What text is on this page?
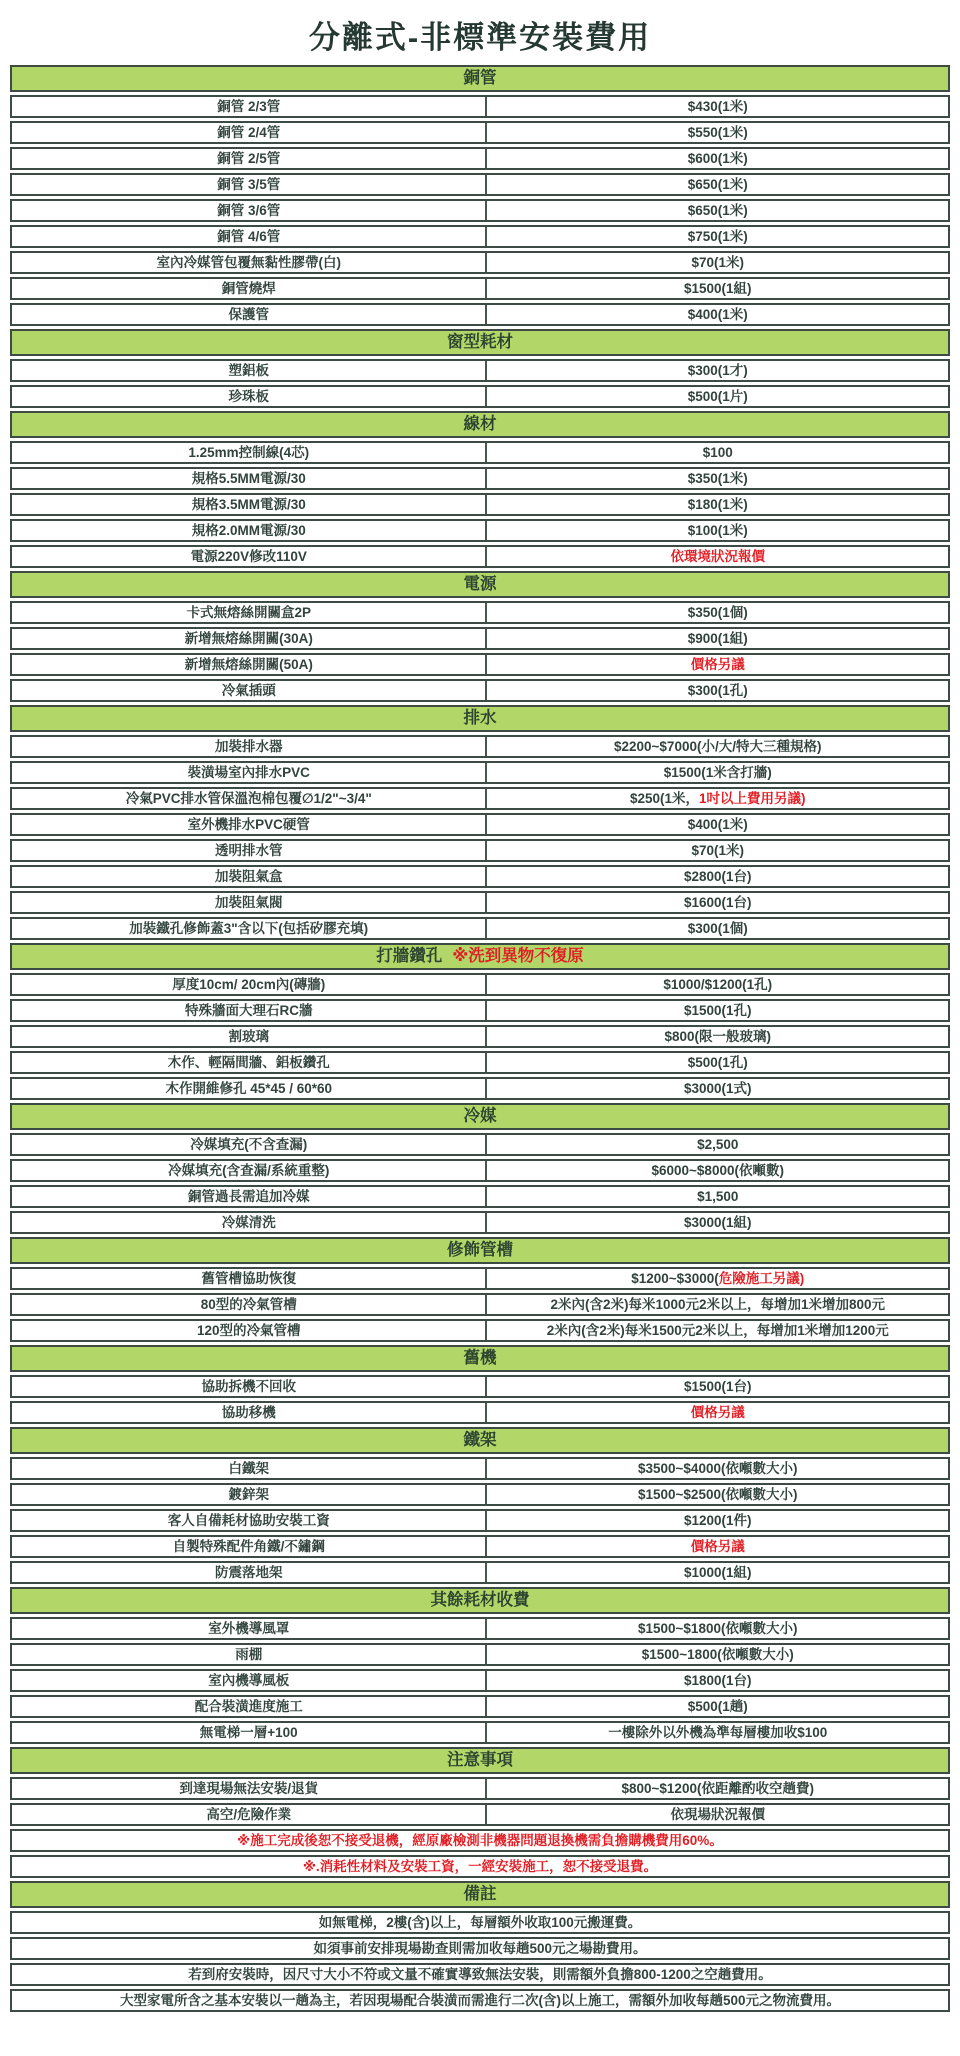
分離式-非標準安裝費用
銅管
銅管 2/3管	$430(1米)
銅管 2/4管	$550(1米)
銅管 2/5管	$600(1米)
銅管 3/5管	$650(1米)
銅管 3/6管	$650(1米)
銅管 4/6管	$750(1米)
室內冷媒管包覆無黏性膠帶(白)	$70(1米)
銅管燒焊	$1500(1組)
保護管	$400(1米)
窗型耗材
塑鋁板	$300(1才)
珍珠板	$500(1片)
線材
1.25mm控制線(4芯)	$100
規格5.5MM電源/30	$350(1米)
規格3.5MM電源/30	$180(1米)
規格2.0MM電源/30	$100(1米)
電源220V修改110V	依環境狀況報價
電源
卡式無熔絲開關盒2P	$350(1個)
新增無熔絲開關(30A)	$900(1組)
新增無熔絲開關(50A)	價格另議
冷氣插頭	$300(1孔)
排水
加裝排水器	$2200~$7000(小/大/特大三種規格)
裝潢場室內排水PVC	$1500(1米含打牆)
冷氣PVC排水管保溫泡棉包覆∅1/2"~3/4"	$250(1米，1吋以上費用另議)
室外機排水PVC硬管	$400(1米)
透明排水管	$70(1米)
加裝阻氣盒	$2800(1台)
加裝阻氣閥	$1600(1台)
加裝鐵孔修飾蓋3"含以下(包括矽膠充填)	$300(1個)
打牆鑽孔 ※洗到異物不復原
厚度10cm/ 20cm內(磚牆)	$1000/$1200(1孔)
特殊牆面大理石RC牆	$1500(1孔)
割玻璃	$800(限一般玻璃)
木作、輕隔間牆、鋁板鑽孔	$500(1孔)
木作開維修孔 45*45 / 60*60	$3000(1式)
冷媒
冷媒填充(不含查漏)	$2,500
冷媒填充(含查漏/系統重整)	$6000~$8000(依噸數)
銅管過長需追加冷媒	$1,500
冷媒清洗	$3000(1組)
修飾管槽
舊管槽協助恢復	$1200~$3000(危險施工另議)
80型的冷氣管槽	2米內(含2米)每米1000元2米以上，每增加1米增加800元
120型的冷氣管槽	2米內(含2米)每米1500元2米以上，每增加1米增加1200元
舊機
協助拆機不回收	$1500(1台)
協助移機	價格另議
鐵架
白鐵架	$3500~$4000(依噸數大小)
鍍鋅架	$1500~$2500(依噸數大小)
客人自備耗材協助安裝工資	$1200(1件)
自製特殊配件角鐵/不鏽鋼	價格另議
防震落地架	$1000(1組)
其餘耗材收費
室外機導風罩	$1500~$1800(依噸數大小)
雨棚	$1500~1800(依噸數大小)
室內機導風板	$1800(1台)
配合裝潢進度施工	$500(1趟)
無電梯一層+100	一樓除外以外機為準每層樓加收$100
注意事項
到達現場無法安裝/退貨	$800~$1200(依距離酌收空趟費)
高空/危險作業	依現場狀況報價
※施工完成後恕不接受退機，經原廠檢測非機器問題退換機需負擔購機費用60%。
※.消耗性材料及安裝工資，一經安裝施工，恕不接受退費。
備註
如無電梯，2樓(含)以上，每層額外收取100元搬運費。
如須事前安排現場勘查則需加收每趟500元之場勘費用。
若到府安裝時，因尺寸大小不符或文量不確實導致無法安裝，則需額外負擔800-1200之空趟費用。
大型家電所含之基本安裝以一趟為主，若因現場配合裝潢而需進行二次(含)以上施工，需額外加收每趟500元之物流費用。
